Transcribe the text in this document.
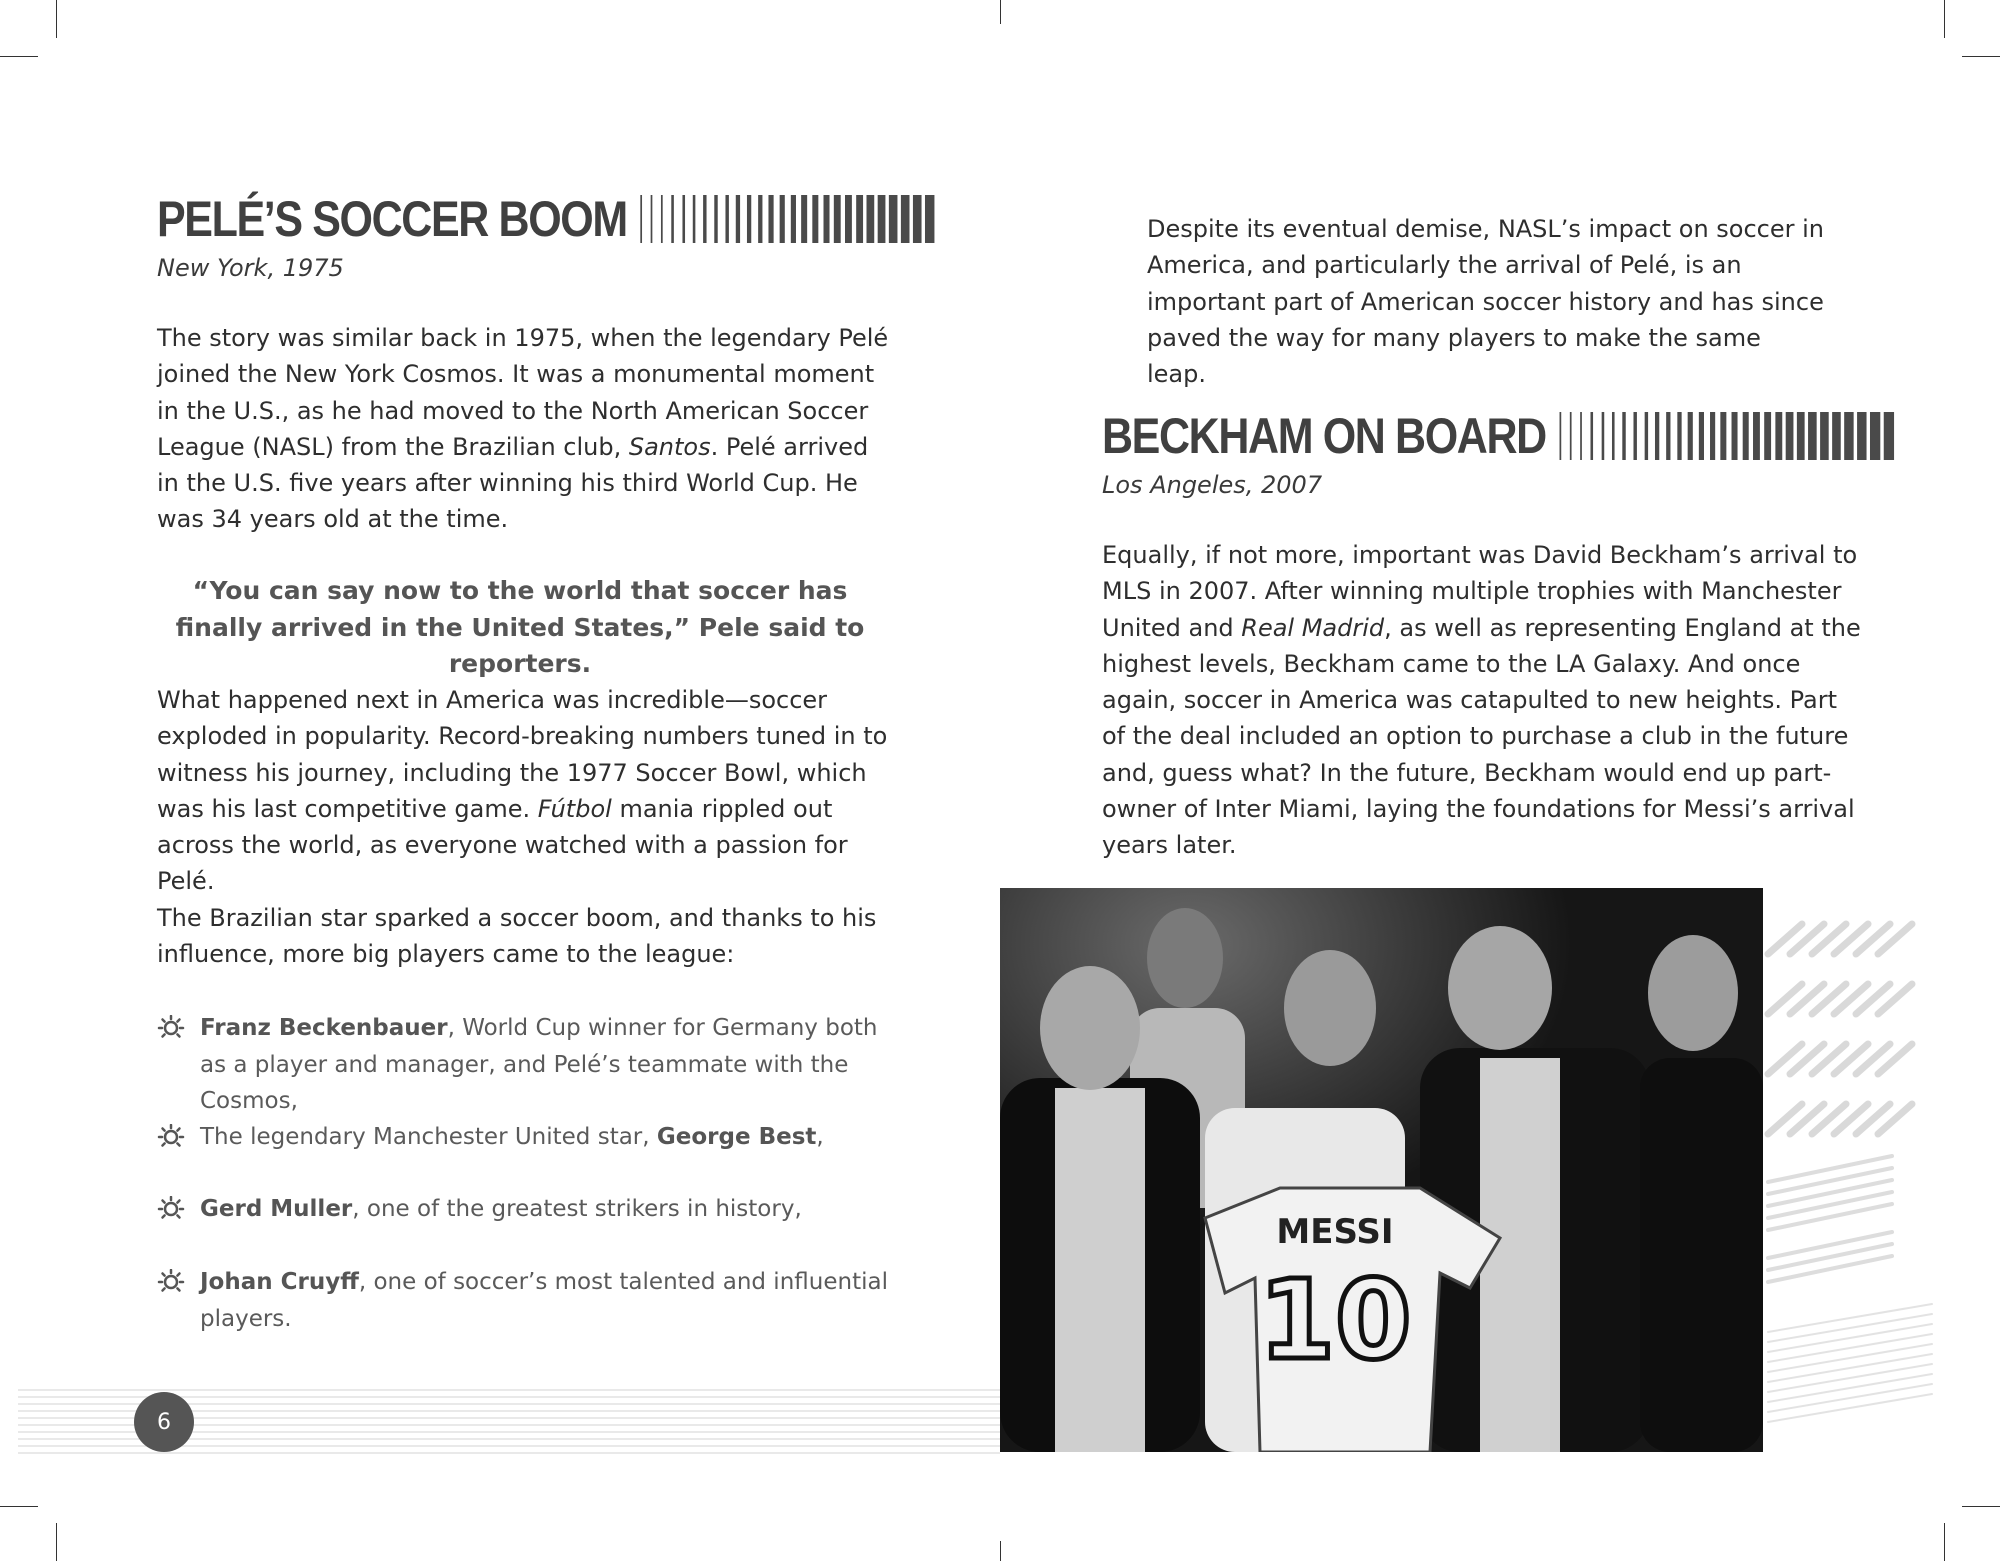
PELÉ’S SOCCER BOOM
New York, 1975

The story was similar back in 1975, when the legendary Pelé joined the New York Cosmos. It was a monumental moment in the U.S., as he had moved to the North American Soccer League (NASL) from the Brazilian club, Santos. Pelé arrived in the U.S. five years after winning his third World Cup. He was 34 years old at the time.

“You can say now to the world that soccer has finally arrived in the United States,” Pele said to reporters.

What happened next in America was incredible—soccer exploded in popularity. Record-breaking numbers tuned in to witness his journey, including the 1977 Soccer Bowl, which was his last competitive game. Fútbol mania rippled out across the world, as everyone watched with a passion for Pelé.

The Brazilian star sparked a soccer boom, and thanks to his influence, more big players came to the league:

Franz Beckenbauer, World Cup winner for Germany both as a player and manager, and Pelé’s teammate with the Cosmos,
The legendary Manchester United star, George Best,
Gerd Muller, one of the greatest strikers in history,
Johan Cruyff, one of soccer’s most talented and influential players.
6

Despite its eventual demise, NASL’s impact on soccer in America, and particularly the arrival of Pelé, is an important part of American soccer history and has since paved the way for many players to make the same leap.

BECKHAM ON BOARD
Los Angeles, 2007

Equally, if not more, important was David Beckham’s arrival to MLS in 2007. After winning multiple trophies with Manchester United and Real Madrid, as well as representing England at the highest levels, Beckham came to the LA Galaxy. And once again, soccer in America was catapulted to new heights. Part of the deal included an option to purchase a club in the future and, guess what? In the future, Beckham would end up part-owner of Inter Miami, laying the foundations for Messi’s arrival years later.

MESSI
10
